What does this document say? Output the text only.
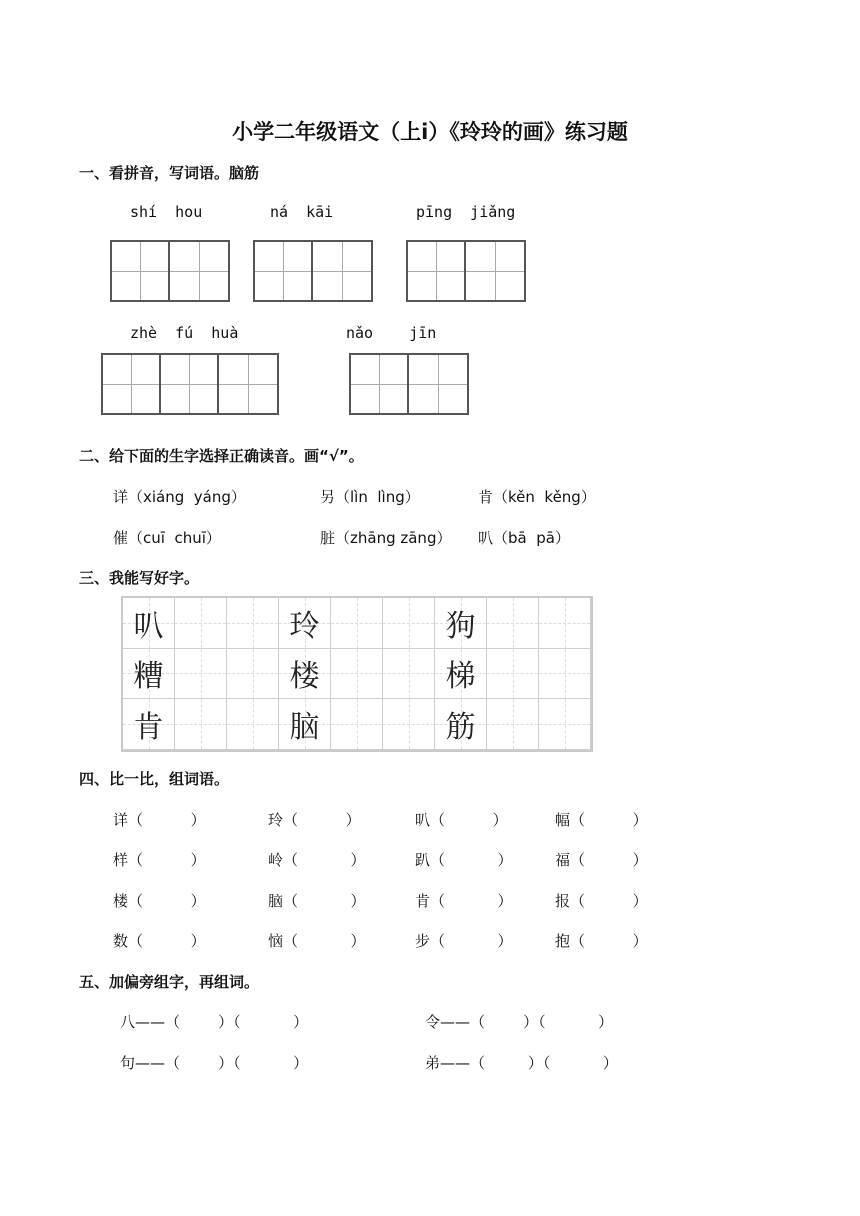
小学二年级语文（上ⅰ）《玲玲的画》练习题
一、看拼音，写词语。脑筋
shí  hou	ná  kāi	pīng  jiǎng
zhè  fú  huà	nǎo    jīn
二、给下面的生字选择正确读音。画“√”。
详（xiáng  yáng）	另（lìn  lìng）	肯（kěn  kěng）
催（cuī  chuī）	脏（zhāng zāng） 叭（bā  pā）
三、我能写好字。
叭	玲	狗
糟	楼	梯
肯	脑	筋
四、比一比，组词语。
详（          ）	玲（          ）	叭（          ）	幅（          ）
样（          ）	岭（           ）	趴（           ）	福（          ）
楼（          ）	脑（           ）	肯（           ）	报（          ）
数（          ）	恼（           ）	步（           ）	抱（          ）
五、加偏旁组字，再组词。
八——（        ）（           ）	令——（        ）（           ）
句——（        ）（           ）	弟——（         ）（           ）
